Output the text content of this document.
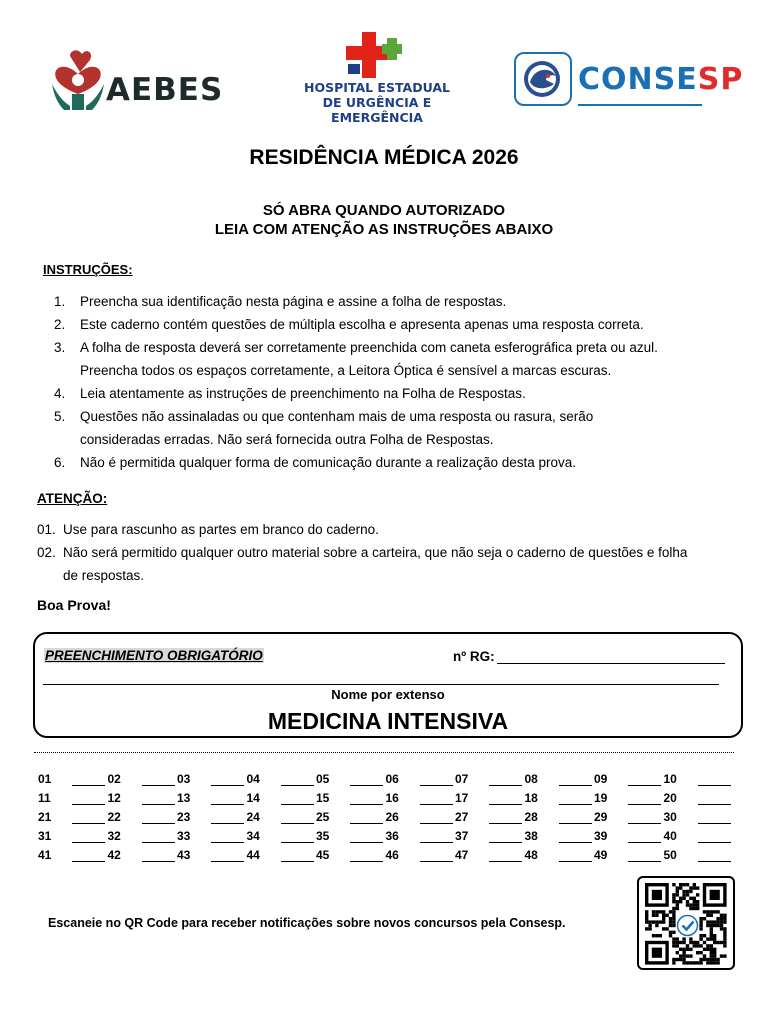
AEBES	HOSPITAL ESTADUAL
DE URGÊNCIA E EMERGÊNCIA
CONSESP
RESIDÊNCIA MÉDICA 2026
SÓ ABRA QUANDO AUTORIZADO
LEIA COM ATENÇÃO AS INSTRUÇÕES ABAIXO
INSTRUÇÕES:
1. Preencha sua identificação nesta página e assine a folha de respostas.
2. Este caderno contém questões de múltipla escolha e apresenta apenas uma resposta correta.
3. A folha de resposta deverá ser corretamente preenchida com caneta esferográfica preta ou azul.
Preencha todos os espaços corretamente, a Leitora Óptica é sensível a marcas escuras.
4. Leia atentamente as instruções de preenchimento na Folha de Respostas.
5. Questões não assinaladas ou que contenham mais de uma resposta ou rasura, serão
consideradas erradas. Não será fornecida outra Folha de Respostas.
6. Não é permitida qualquer forma de comunicação durante a realização desta prova.
ATENÇÃO:
01. Use para rascunho as partes em branco do caderno.
02. Não será permitido qualquer outro material sobre a carteira, que não seja o caderno de questões e folha
de respostas.
Boa Prova!
PREENCHIMENTO OBRIGATÓRIO	nº RG:
Nome por extenso
MEDICINA INTENSIVA
01	02	03	04	05	06	07	08	09	10
11	12	13	14	15	16	17	18	19	20
21	22	23	24	25	26	27	28	29	30
31	32	33	34	35	36	37	38	39	40
41	42	43	44	45	46	47	48	49	50
Escaneie no QR Code para receber notificações sobre novos concursos pela Consesp.
